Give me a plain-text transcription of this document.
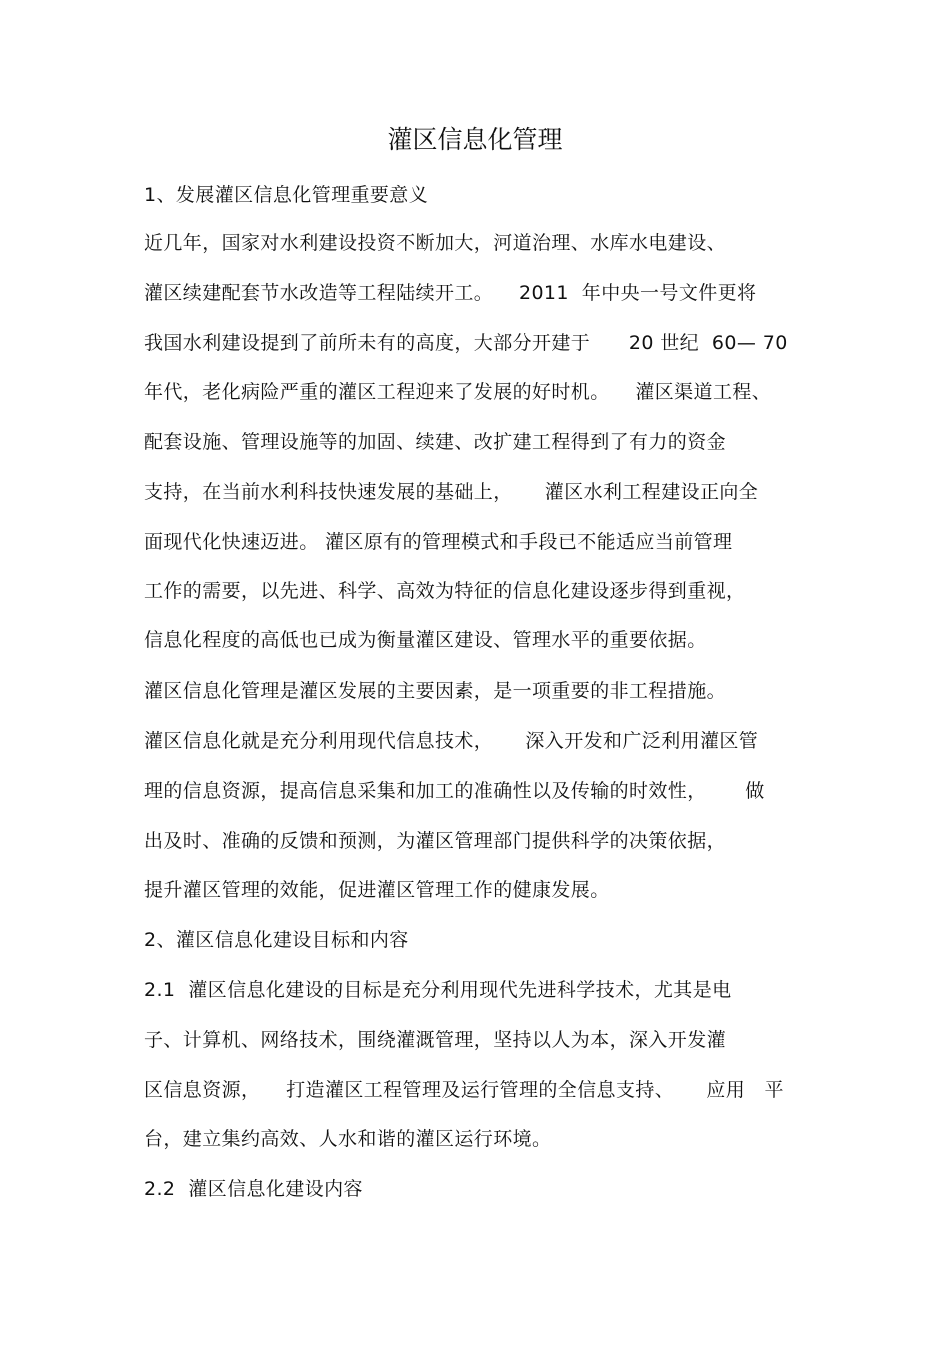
灌区信息化管理
1、发展灌区信息化管理重要意义
近几年，国家对水利建设投资不断加大，河道治理、水库水电建设、
灌区续建配套节水改造等工程陆续开工。    2011  年中央一号文件更将
我国水利建设提到了前所未有的高度，大部分开建于      20 世纪  60— 70
年代，老化病险严重的灌区工程迎来了发展的好时机。    灌区渠道工程、
配套设施、管理设施等的加固、续建、改扩建工程得到了有力的资金
支持，在当前水利科技快速发展的基础上，     灌区水利工程建设正向全
面现代化快速迈进。 灌区原有的管理模式和手段已不能适应当前管理
工作的需要，以先进、科学、高效为特征的信息化建设逐步得到重视，
信息化程度的高低也已成为衡量灌区建设、管理水平的重要依据。
灌区信息化管理是灌区发展的主要因素，是一项重要的非工程措施。
灌区信息化就是充分利用现代信息技术，     深入开发和广泛利用灌区管
理的信息资源，提高信息采集和加工的准确性以及传输的时效性，      做
出及时、准确的反馈和预测，为灌区管理部门提供科学的决策依据，
提升灌区管理的效能，促进灌区管理工作的健康发展。
2、灌区信息化建设目标和内容
2.1  灌区信息化建设的目标是充分利用现代先进科学技术，尤其是电
子、计算机、网络技术，围绕灌溉管理，坚持以人为本，深入开发灌
区信息资源，    打造灌区工程管理及运行管理的全信息支持、     应用   平
台，建立集约高效、人水和谐的灌区运行环境。
2.2  灌区信息化建设内容
